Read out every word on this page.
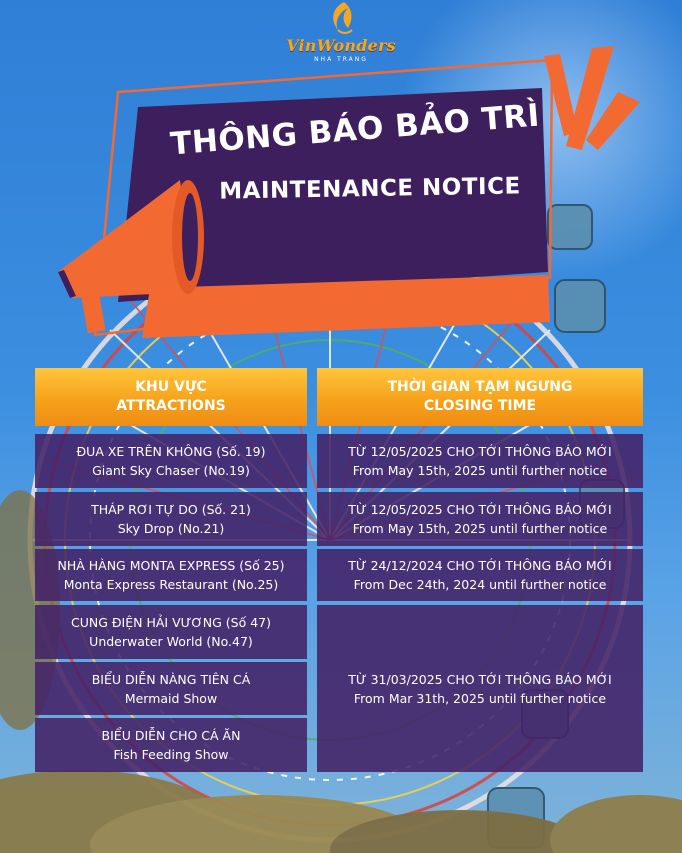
VinWonders
NHA TRANG
THÔNG BÁO BẢO TRÌ
MAINTENANCE NOTICE
KHU VỰC
ATTRACTIONS
THỜI GIAN TẠM NGƯNG
CLOSING TIME
ĐUA XE TRÊN KHÔNG (Số. 19)
Giant Sky Chaser (No.19)
THÁP RƠI TỰ DO (Số. 21)
Sky Drop (No.21)
NHÀ HÀNG MONTA EXPRESS (Số 25)
Monta Express Restaurant (No.25)
CUNG ĐIỆN HẢI VƯƠNG (Số 47)
Underwater World (No.47)
BIỂU DIỄN NÀNG TIÊN CÁ
Mermaid Show
BIỂU DIỄN CHO CÁ ĂN
Fish Feeding Show
TỪ 12/05/2025 CHO TỚI THÔNG BÁO MỚI
From May 15th, 2025 until further notice
TỪ 12/05/2025 CHO TỚI THÔNG BÁO MỚI
From May 15th, 2025 until further notice
TỪ 24/12/2024 CHO TỚI THÔNG BÁO MỚI
From Dec 24th, 2024 until further notice
TỪ 31/03/2025 CHO TỚI THÔNG BÁO MỚI
From Mar 31th, 2025 until further notice
